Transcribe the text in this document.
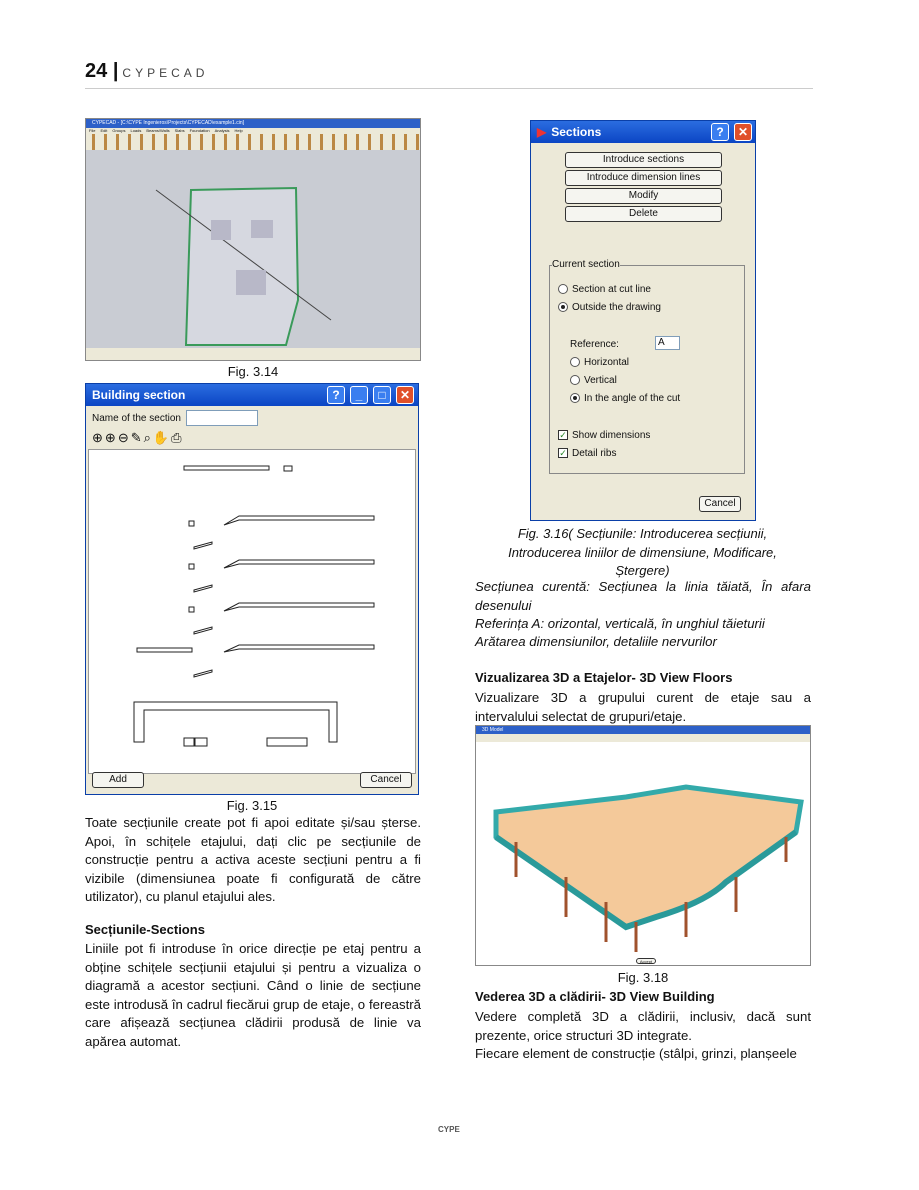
24 | CYPECAD
CYPECAD - [C:\CYPE Ingenieros\Projects\CYPECAD\example1.cin]
File Edit Groups Loads Beams/Walls Slabs Foundation Analysis Help
Fig. 3.14
Building section	?	_	□	✕
Name of the section
⊕⊕⊖✎⌕✋⎙
Add	Cancel
Fig. 3.15
Toate secțiunile create pot fi apoi editate și/sau șterse. Apoi, în schițele etajului, dați clic pe secțiunile de construcție pentru a activa aceste secțiuni pentru a fi vizibile (dimensiunea poate fi configurată de către utilizator), cu planul etajului ales.
Secțiunile-Sections
Liniile pot fi introduse în orice direcție pe etaj pentru a obține schițele secțiunii etajului și pentru a vizualiza o diagramă a acestor secțiuni. Când o linie de secțiune este introdusă în cadrul fiecărui grup de etaje, o fereastră care afișează secțiunea clădirii produsă de linie va apărea automat.
▶ Sections	?	✕
Introduce sections
Introduce dimension lines
Modify
Delete
Current section
Section at cut line
Outside the drawing
Reference:	A
Horizontal
Vertical
In the angle of the cut
✓ Show dimensions
✓ Detail ribs
Cancel
Fig. 3.16( Secțiunile: Introducerea secțiunii, Introducerea liniilor de dimensiune, Modificare, Ștergere)
Secțiunea curentă: Secțiunea la linia tăiată, În afara desenului
Referința A: orizontal, verticală, în unghiul tăieturii
Arătarea dimensiunilor, detaliile nervurilor
Vizualizarea 3D a Etajelor- 3D View Floors
Vizualizare 3D a grupului curent de etaje sau a intervalului selectat de grupuri/etaje.
3D Model
Accept
Fig. 3.18
Vederea 3D a clădirii- 3D View Building
Vedere completă 3D a clădirii, inclusiv, dacă sunt prezente, orice structuri 3D integrate.
Fiecare element de construcție (stâlpi, grinzi, planșeele
CYPE
